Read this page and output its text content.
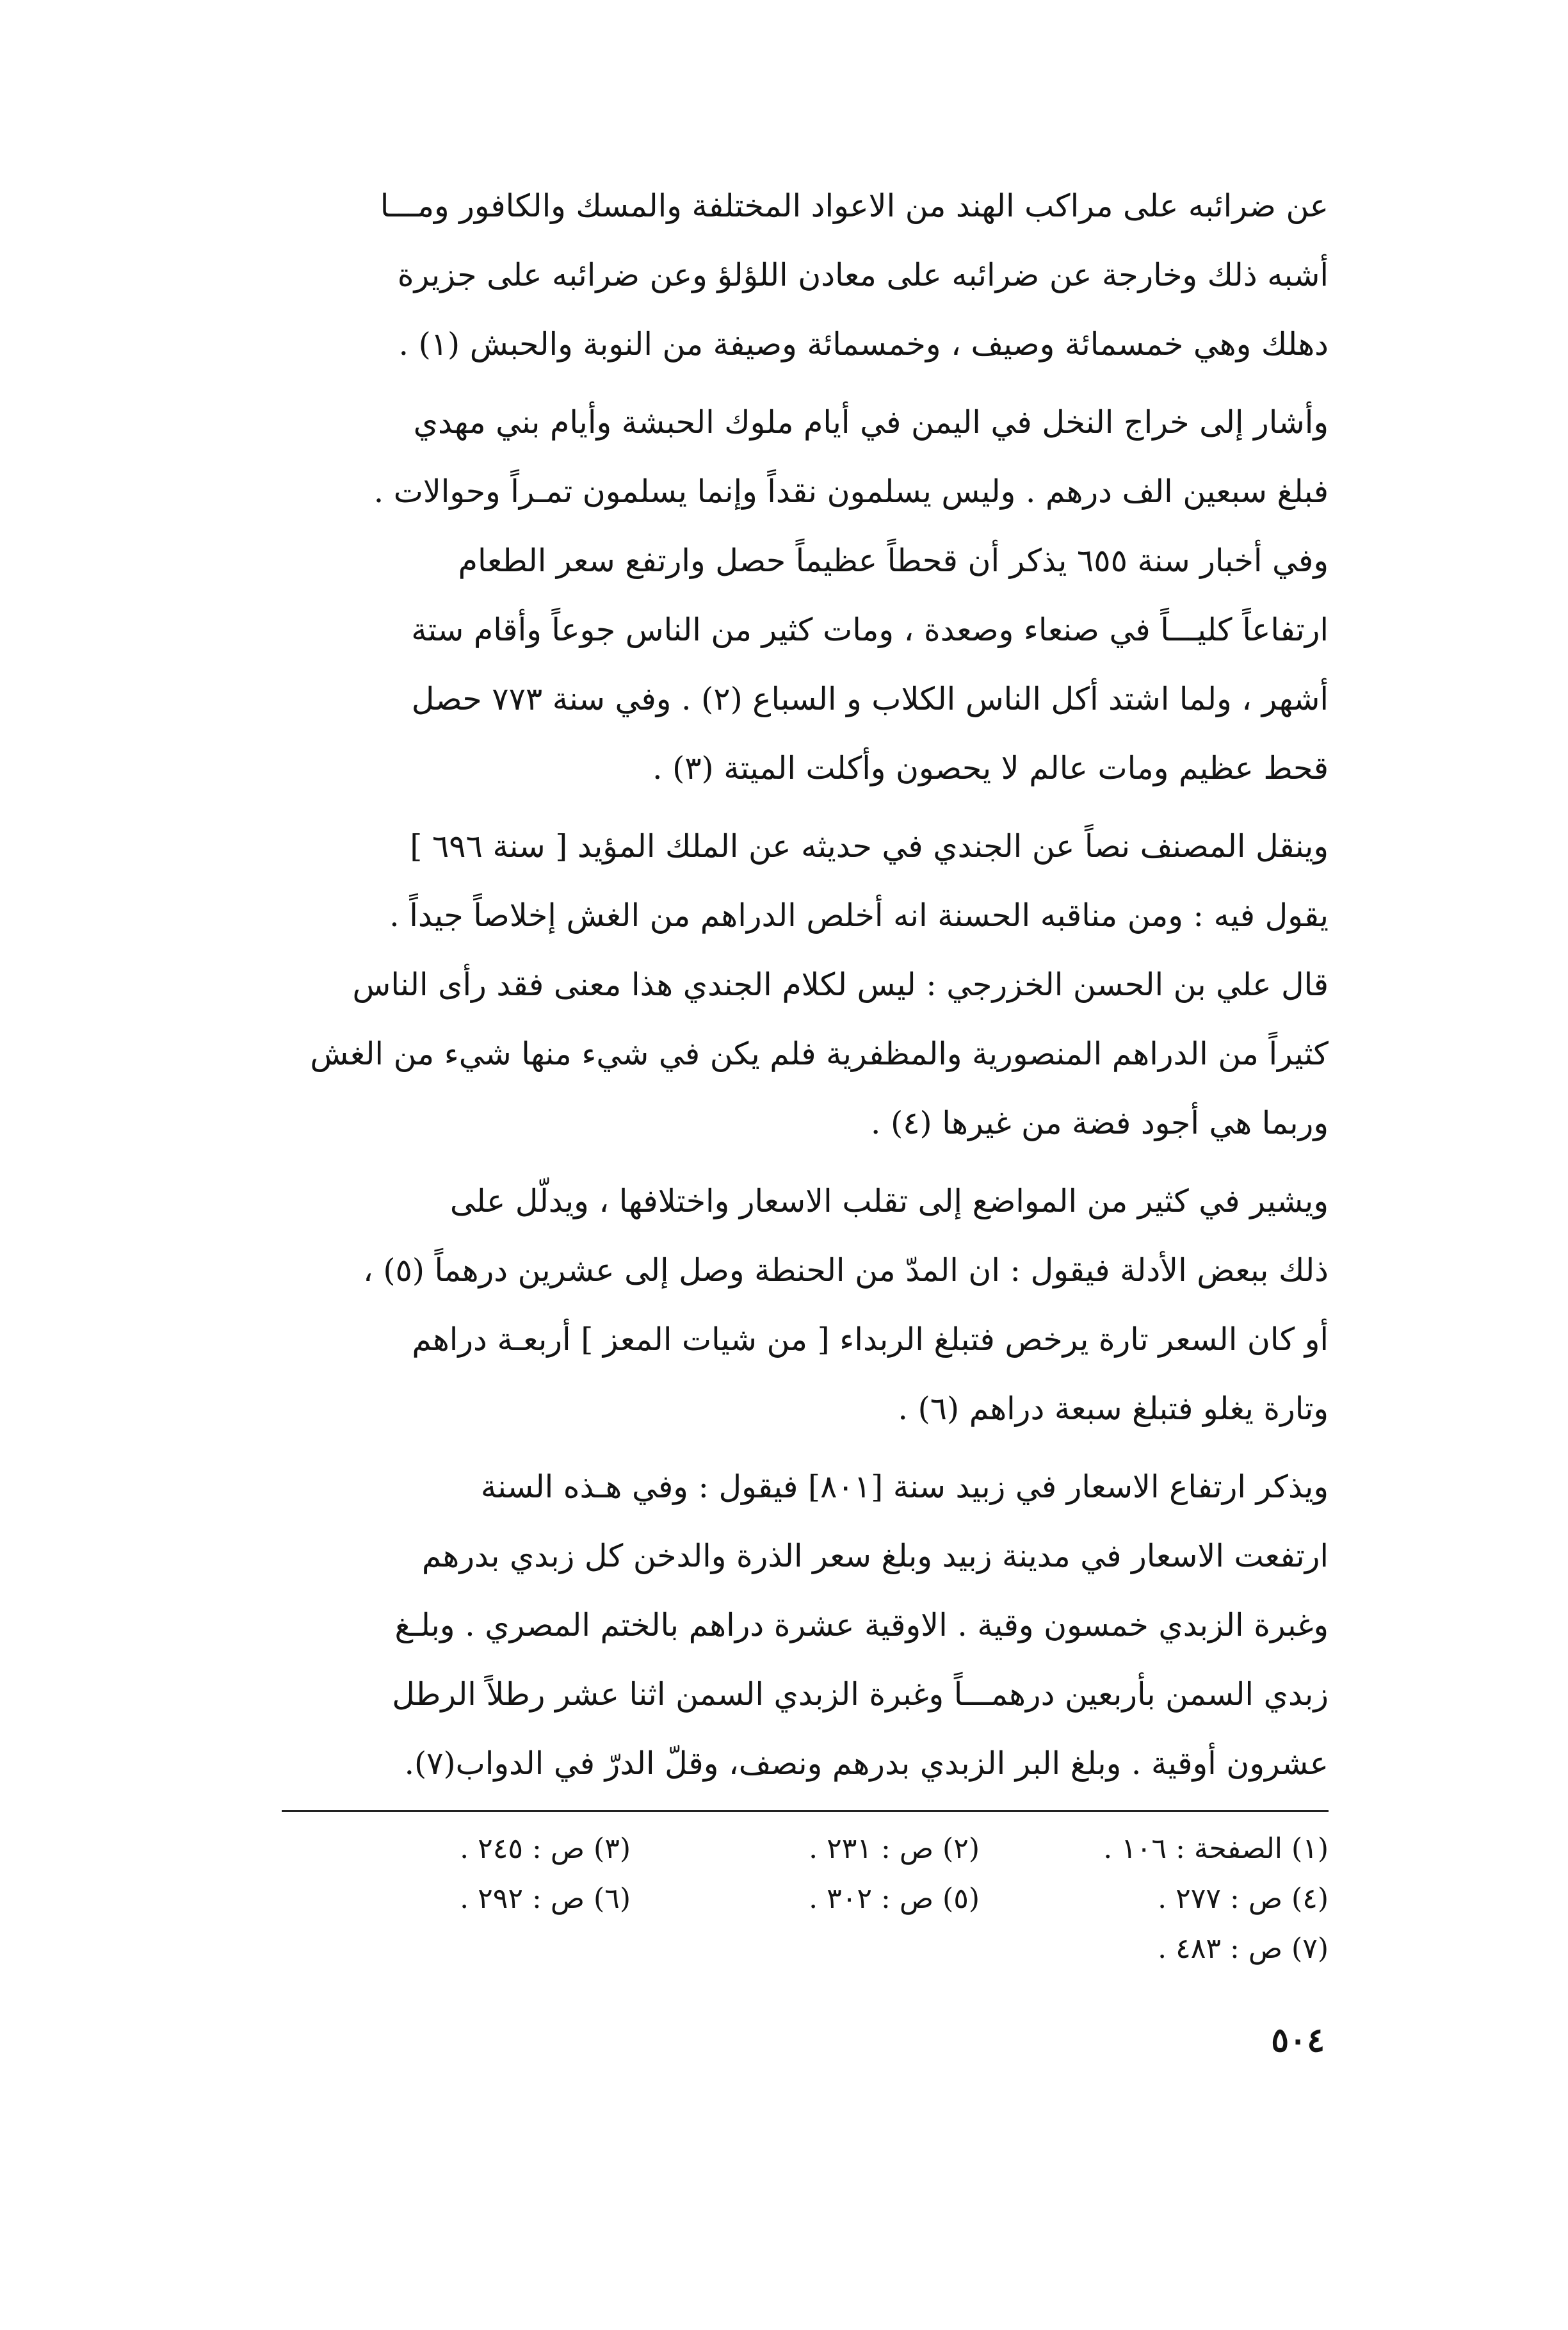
عن ضرائبه على مراكب الهند من الاعواد المختلفة والمسك والكافور ومـــا
أشبه ذلك وخارجة عن ضرائبه على معادن اللؤلؤ وعن ضرائبه على جزيرة
دهلك وهي خمسمائة وصيف ، وخمسمائة وصيفة من النوبة والحبش (١) .

وأشار إلى خراج النخل في اليمن في أيام ملوك الحبشة وأيام بني مهدي
فبلغ سبعين الف درهم . وليس يسلمون نقداً وإنما يسلمون تمـراً وحوالات .
وفي أخبار سنة ٦٥٥ يذكر أن قحطاً عظيماً حصل وارتفع سعر الطعام
ارتفاعاً كليـــاً في صنعاء وصعدة ، ومات كثير من الناس جوعاً وأقام ستة
أشهر ، ولما اشتد أكل الناس الكلاب و السباع (٢) . وفي سنة ٧٧٣ حصل
قحط عظيم ومات عالم لا يحصون وأكلت الميتة (٣) .

وينقل المصنف نصاً عن الجندي في حديثه عن الملك المؤيد [ سنة ٦٩٦ ]
يقول فيه : ومن مناقبه الحسنة انه أخلص الدراهم من الغش إخلاصاً جيداً .
قال علي بن الحسن الخزرجي : ليس لكلام الجندي هذا معنى فقد رأى الناس
كثيراً من الدراهم المنصورية والمظفرية فلم يكن في شيء منها شيء من الغش
وربما هي أجود فضة من غيرها (٤) .

ويشير في كثير من المواضع إلى تقلب الاسعار واختلافها ، ويدلّل على
ذلك ببعض الأدلة فيقول : ان المدّ من الحنطة وصل إلى عشرين درهماً (٥) ،
أو كان السعر تارة يرخص فتبلغ الربداء [ من شيات المعز ] أربعـة دراهم
وتارة يغلو فتبلغ سبعة دراهم (٦) .

ويذكر ارتفاع الاسعار في زبيد سنة [٨٠١] فيقول : وفي هـذه السنة
ارتفعت الاسعار في مدينة زبيد وبلغ سعر الذرة والدخن كل زبدي بدرهم
وغبرة الزبدي خمسون وقية . الاوقية عشرة دراهم بالختم المصري . وبلـغ
زبدي السمن بأربعين درهمـــاً وغبرة الزبدي السمن اثنا عشر رطلاً الرطل
عشرون أوقية . وبلغ البر الزبدي بدرهم ونصف، وقلّ الدرّ في الدواب(٧).

(١) الصفحة : ١٠٦ .
(٢) ص : ٢٣١ .
(٣) ص : ٢٤٥ .
(٤) ص : ٢٧٧ .
(٥) ص : ٣٠٢ .
(٦) ص : ٢٩٢ .
(٧) ص : ٤٨٣ .
٥٠٤
